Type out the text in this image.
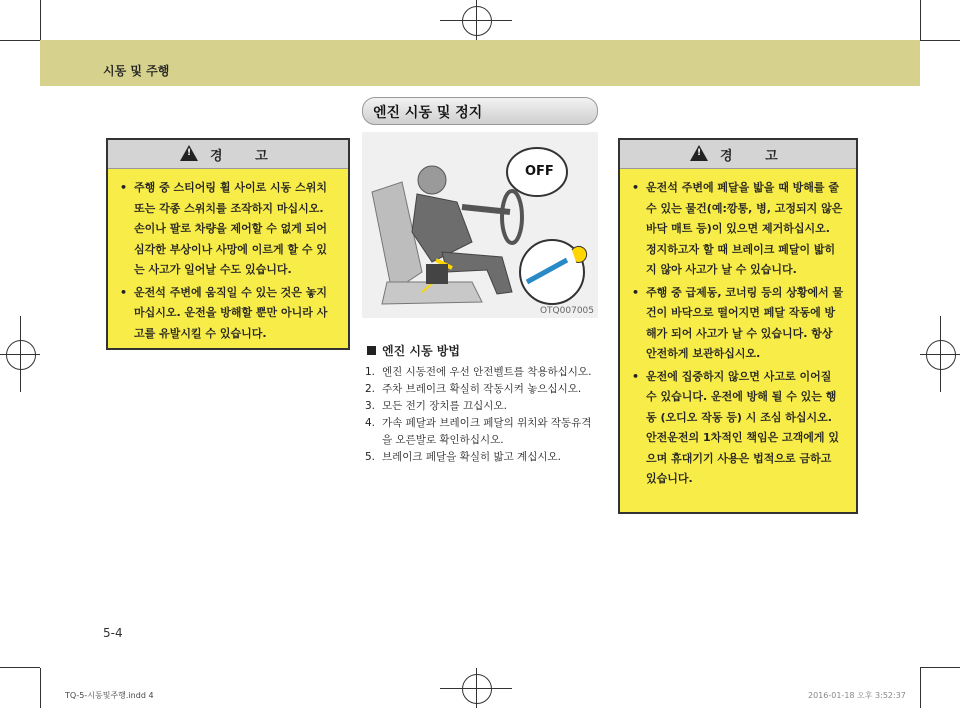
시동 및 주행
엔진 시동 및 정지
!
경 고
• 주행 중 스티어링 휠 사이로 시동 스위치 또는 각종 스위치를 조작하지 마십시오. 손이나 팔로 차량을 제어할 수 없게 되어 심각한 부상이나 사망에 이르게 할 수 있는 사고가 일어날 수도 있습니다.
• 운전석 주변에 움직일 수 있는 것은 놓지 마십시오. 운전을 방해할 뿐만 아니라 사고를 유발시킬 수 있습니다.
OFF
OTQ007005
엔진 시동 방법
1. 엔진 시동전에 우선 안전벨트를 착용하십시오.
2. 주차 브레이크 확실히 작동시켜 놓으십시오.
3. 모든 전기 장치를 끄십시오.
4. 가속 페달과 브레이크 페달의 위치와 작동유격을 오른발로 확인하십시오.
5. 브레이크 페달을 확실히 밟고 계십시오.
!
경 고
• 운전석 주변에 페달을 밟을 때 방해를 줄 수 있는 물건(예:깡통, 병, 고정되지 않은 바닥 매트 등)이 있으면 제거하십시오. 정지하고자 할 때 브레이크 페달이 밟히지 않아 사고가 날 수 있습니다.
• 주행 중 급제동, 코너링 등의 상황에서 물건이 바닥으로 떨어지면 페달 작동에 방해가 되어 사고가 날 수 있습니다. 항상 안전하게 보관하십시오.
• 운전에 집중하지 않으면 사고로 이어질 수 있습니다. 운전에 방해 될 수 있는 행동 (오디오 작동 등) 시 조심 하십시오. 안전운전의 1차적인 책임은 고객에게 있으며 휴대기기 사용은 법적으로 금하고 있습니다.
5-4
TQ-5-시동및주행.indd 4	2016-01-18 오후 3:52:37
